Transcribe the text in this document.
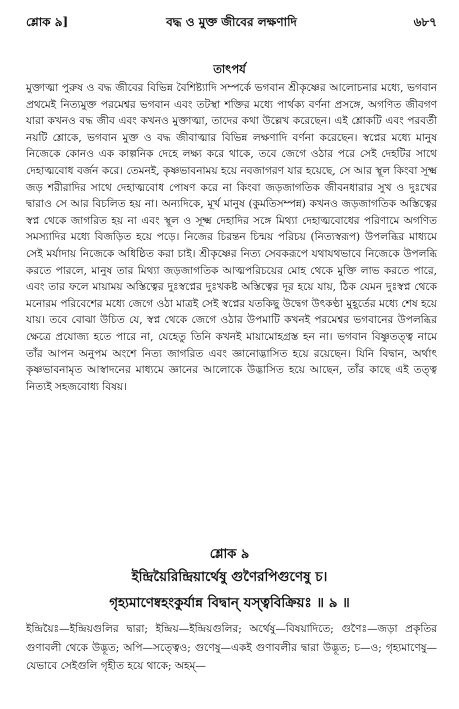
শ্লোক ৯]	বদ্ধ ও মুক্ত জীবের লক্ষণাদি	৬৮৭
তাৎপর্য

মুক্তাত্মা পুরুষ ও বদ্ধ জীবের বিভিন্ন বৈশিষ্ট্যাদি সম্পর্কে ভগবান শ্রীকৃষ্ণের আলোচনার মধ্যে, ভগবান প্রথমেই নিত্যমুক্ত পরমেশ্বর ভগবান এবং তটস্থা শক্তির মধ্যে পার্থক্য বর্ণনা প্রসঙ্গে, অগণিত জীবগণ যারা কখনও বদ্ধ জীব এবং কখনও মুক্তাত্মা, তাদের কথা উল্লেখ করেছেন। এই শ্লোকটি এবং পরবর্তী নয়টি শ্লোকে, ভগবান মুক্ত ও বদ্ধ জীবাত্মার বিভিন্ন লক্ষণাদি বর্ণনা করেছেন। স্বপ্নের মধ্যে মানুষ নিজেকে কোনও এক কাল্পনিক দেহে লক্ষ্য করে থাকে, তবে জেগে ওঠার পরে সেই দেহটির সাথে দেহাত্মবোধ বর্জন করে। তেমনই, কৃষ্ণভাবনাময় হয়ে নবজাগরণ যার হয়েছে, সে আর স্থূল কিংবা সূক্ষ্ম জড় শরীরাদির সাথে দেহাত্মবোধ পোষণ করে না কিংবা জড়জাগতিক জীবনধারার সুখ ও দুঃখের দ্বারাও সে আর বিচলিত হয় না। অন্যদিকে, মূর্খ মানুষ (কুমতিসম্পন্ন) কখনও জড়জাগতিক অস্তিত্বের স্বপ্ন থেকে জাগরিত হয় না এবং স্থূল ও সূক্ষ্ম দেহাদির সঙ্গে মিথ্যা দেহাত্মবোধের পরিণামে অগণিত সমস্যাদির মধ্যে বিজড়িত হয়ে পড়ে। নিজের চিরন্তন চিন্ময় পরিচয় (নিত্যস্বরূপ) উপলব্ধির মাধ্যমে সেই মর্যাদায় নিজেকে অধিষ্ঠিত করা চাই। শ্রীকৃষ্ণের নিত্য সেবকরূপে যথাযথভাবে নিজেকে উপলব্ধি করতে পারলে, মানুষ তার মিথ্যা জড়জাগতিক আত্মপরিচয়ের মোহ থেকে মুক্তি লাভ করতে পারে, এবং তার ফলে মায়াময় অস্তিত্বের দুঃস্বপ্নের দুঃখকষ্ট অস্তিত্বের দূর হয়ে যায়, ঠিক যেমন দুঃস্বপ্ন থেকে মনোরম পরিবেশের মধ্যে জেগে ওঠা মাত্রই সেই স্বপ্নের যতকিছু উদ্বেগ উৎকণ্ঠা মুহূর্তের মধ্যে শেষ হয়ে যায়। তবে বোঝা উচিত যে, স্বপ্ন থেকে জেগে ওঠার উপমাটি কখনই পরমেশ্বর ভগবানের উপলব্ধির ক্ষেত্রে প্রযোজ্য হতে পারে না, যেহেতু তিনি কখনই মায়ামোহগ্রস্ত হন না। ভগবান বিষ্ণুতত্ত্ব নামে তাঁর আপন অনুপম অংশে নিত্য জাগরিত এবং জ্ঞানোদ্ভাসিত হয়ে রয়েছেন। যিনি বিদ্বান, অর্থাৎ কৃষ্ণভাবনামৃত আস্বাদনের মাধ্যমে জ্ঞানের আলোকে উদ্ভাসিত হয়ে আছেন, তাঁর কাছে এই তত্ত্ব নিত্যই সহজবোধ্য বিষয়।

শ্লোক ৯
ইন্দ্রিয়ৈরিন্দ্রিয়ার্থেষু গুণৈরপিগুণেষু চ।
গৃহ্যমাণেষ্বহংকুর্যান্ন বিদ্বান্‌ যস্ত্ববিক্রিয়ঃ ॥ ৯ ॥
ইন্দ্রিয়ৈঃ—ইন্দ্রিয়গুলির দ্বারা; ইন্দ্রিয়—ইন্দ্রিয়গুলির; অর্থেষু—বিষয়াদিতে; গুণৈঃ—জড়া প্রকৃতির গুণাবলী থেকে উদ্ভূত; অপি—সত্ত্বেও; গুণেষু—একই গুণাবলীর দ্বারা উদ্ভূত; চ—ও; গৃহ্যমাণেষু—যেভাবে সেইগুলি গৃহীত হয়ে থাকে; অহম্‌—
